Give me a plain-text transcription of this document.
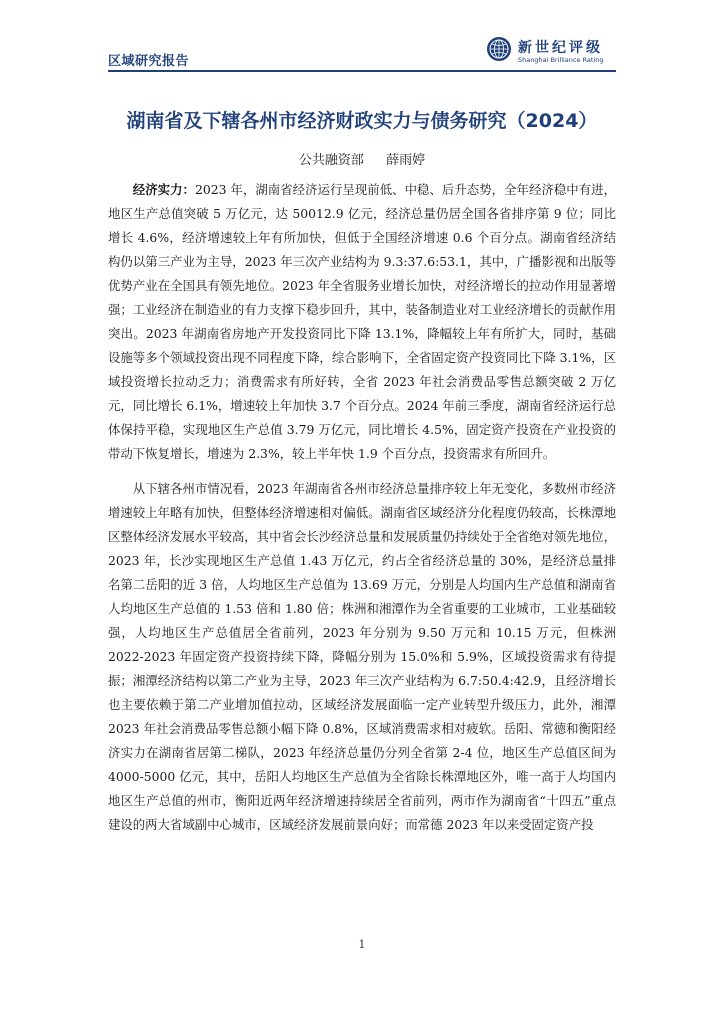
区域研究报告
新世纪评级
Shanghai Brilliance Rating
湖南省及下辖各州市经济财政实力与债务研究（2024）
公共融资部 薛雨婷

经济实力：2023 年，湖南省经济运行呈现前低、中稳、后升态势，全年经济稳中有进，地区生产总值突破 5 万亿元，达 50012.9 亿元，经济总量仍居全国各省排序第 9 位；同比增长 4.6%，经济增速较上年有所加快，但低于全国经济增速 0.6 个百分点。湖南省经济结构仍以第三产业为主导，2023 年三次产业结构为 9.3:37.6:53.1，其中，广播影视和出版等优势产业在全国具有领先地位。2023 年全省服务业增长加快，对经济增长的拉动作用显著增强；工业经济在制造业的有力支撑下稳步回升，其中，装备制造业对工业经济增长的贡献作用突出。2023 年湖南省房地产开发投资同比下降 13.1%，降幅较上年有所扩大，同时，基础设施等多个领域投资出现不同程度下降，综合影响下，全省固定资产投资同比下降 3.1%，区域投资增长拉动乏力；消费需求有所好转，全省 2023 年社会消费品零售总额突破 2 万亿元，同比增长 6.1%，增速较上年加快 3.7 个百分点。2024 年前三季度，湖南省经济运行总体保持平稳，实现地区生产总值 3.79 万亿元，同比增长 4.5%，固定资产投资在产业投资的带动下恢复增长，增速为 2.3%，较上半年快 1.9 个百分点，投资需求有所回升。

从下辖各州市情况看，2023 年湖南省各州市经济总量排序较上年无变化，多数州市经济增速较上年略有加快，但整体经济增速相对偏低。湖南省区域经济分化程度仍较高，长株潭地区整体经济发展水平较高，其中省会长沙经济总量和发展质量仍持续处于全省绝对领先地位，2023 年，长沙实现地区生产总值 1.43 万亿元，约占全省经济总量的 30%，是经济总量排名第二岳阳的近 3 倍，人均地区生产总值为 13.69 万元，分别是人均国内生产总值和湖南省人均地区生产总值的 1.53 倍和 1.80 倍；株洲和湘潭作为全省重要的工业城市，工业基础较强，人均地区生产总值居全省前列，2023 年分别为 9.50 万元和 10.15 万元，但株洲 2022-2023 年固定资产投资持续下降，降幅分别为 15.0%和 5.9%，区域投资需求有待提振；湘潭经济结构以第二产业为主导，2023 年三次产业结构为 6.7:50.4:42.9，且经济增长也主要依赖于第二产业增加值拉动，区域经济发展面临一定产业转型升级压力，此外，湘潭 2023 年社会消费品零售总额小幅下降 0.8%，区域消费需求相对疲软。岳阳、常德和衡阳经济实力在湖南省居第二梯队，2023 年经济总量仍分列全省第 2-4 位，地区生产总值区间为 4000-5000 亿元，其中，岳阳人均地区生产总值为全省除长株潭地区外，唯一高于人均国内地区生产总值的州市，衡阳近两年经济增速持续居全省前列，两市作为湖南省“十四五”重点建设的两大省域副中心城市，区域经济发展前景向好；而常德 2023 年以来受固定资产投

1
